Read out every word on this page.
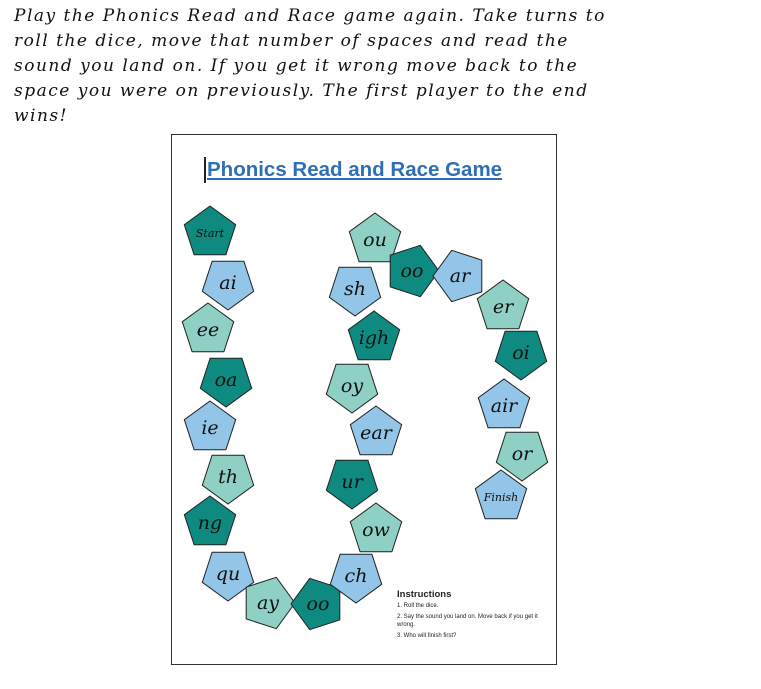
Play the Phonics Read and Race game again. Take turns to
roll the dice, move that number of spaces and read the
sound you land on. If you get it wrong move back to the
space you were on previously. The first player to the end
wins!
Phonics Read and Race Game
Start
ai
ee
oa
ie
th
ng
qu
ay oo
ch
ow
ur
ear
oy
igh
sh
ou
oo ar
er
oi
air
or
Finish
Instructions
1. Roll the dice.
2. Say the sound you land on. Move back if you get it wrong.
3. Who will finish first?
